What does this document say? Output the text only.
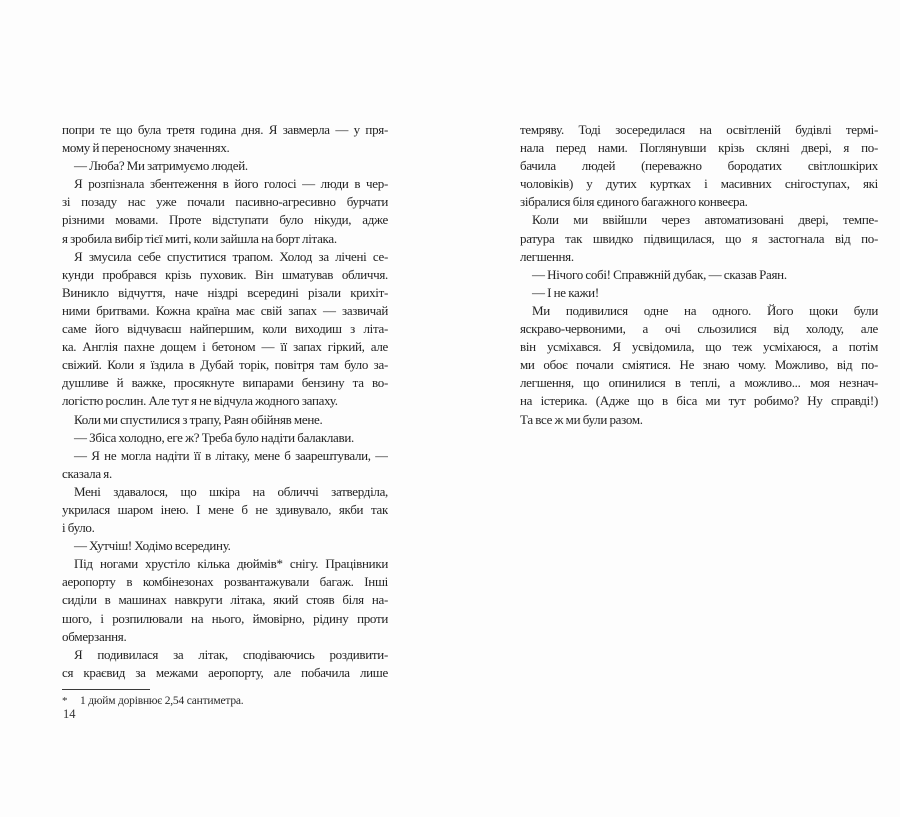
попри те що була третя година дня. Я завмерла — у пря-
мому й переносному значеннях.
— Люба? Ми затримуємо людей.
Я розпізнала збентеження в його голосі — люди в чер-
зі позаду нас уже почали пасивно-агресивно бурчати
різними мовами. Проте відступати було нікуди, адже
я зробила вибір тієї миті, коли зайшла на борт літака.
Я змусила себе спуститися трапом. Холод за лічені се-
кунди пробрався крізь пуховик. Він шматував обличчя.
Виникло відчуття, наче ніздрі всередині різали крихіт-
ними бритвами. Кожна країна має свій запах — зазвичай
саме його відчуваєш найпершим, коли виходиш з літа-
ка. Англія пахне дощем і бетоном — її запах гіркий, але
свіжий. Коли я їздила в Дубай торік, повітря там було за-
душливе й важке, просякнуте випарами бензину та во-
логістю рослин. Але тут я не відчула жодного запаху.
Коли ми спустилися з трапу, Раян обійняв мене.
— Збіса холодно, еге ж? Треба було надіти балаклави.
— Я не могла надіти її в літаку, мене б заарештували, —
сказала я.
Мені здавалося, що шкіра на обличчі затверділа,
укрилася шаром інею. І мене б не здивувало, якби так
і було.
— Хутчіш! Ходімо всередину.
Під ногами хрустіло кілька дюймів* снігу. Працівники
аеропорту в комбінезонах розвантажували багаж. Інші
сиділи в машинах навкруги літака, який стояв біля на-
шого, і розпилювали на нього, ймовірно, рідину проти
обмерзання.
Я подивилася за літак, сподіваючись роздивити-
ся краєвид за межами аеропорту, але побачила лише
* 1 дюйм дорівнює 2,54 сантиметра.
темряву. Тоді зосередилася на освітленій будівлі термі-
нала перед нами. Поглянувши крізь скляні двері, я по-
бачила людей (переважно бородатих світлошкірих
чоловіків) у дутих куртках і масивних снігоступах, які
зібралися біля єдиного багажного конвеєра.
Коли ми ввійшли через автоматизовані двері, темпе-
ратура так швидко підвищилася, що я застогнала від по-
легшення.
— Нічого собі! Справжній дубак, — сказав Раян.
— І не кажи!
Ми подивилися одне на одного. Його щоки були
яскраво-червоними, а очі сльозилися від холоду, але
він усміхався. Я усвідомила, що теж усміхаюся, а потім
ми обоє почали сміятися. Не знаю чому. Можливо, від по-
легшення, що опинилися в теплі, а можливо... моя незнач-
на істерика. (Адже що в біса ми тут робимо? Ну справді!)
Та все ж ми були разом.
14
